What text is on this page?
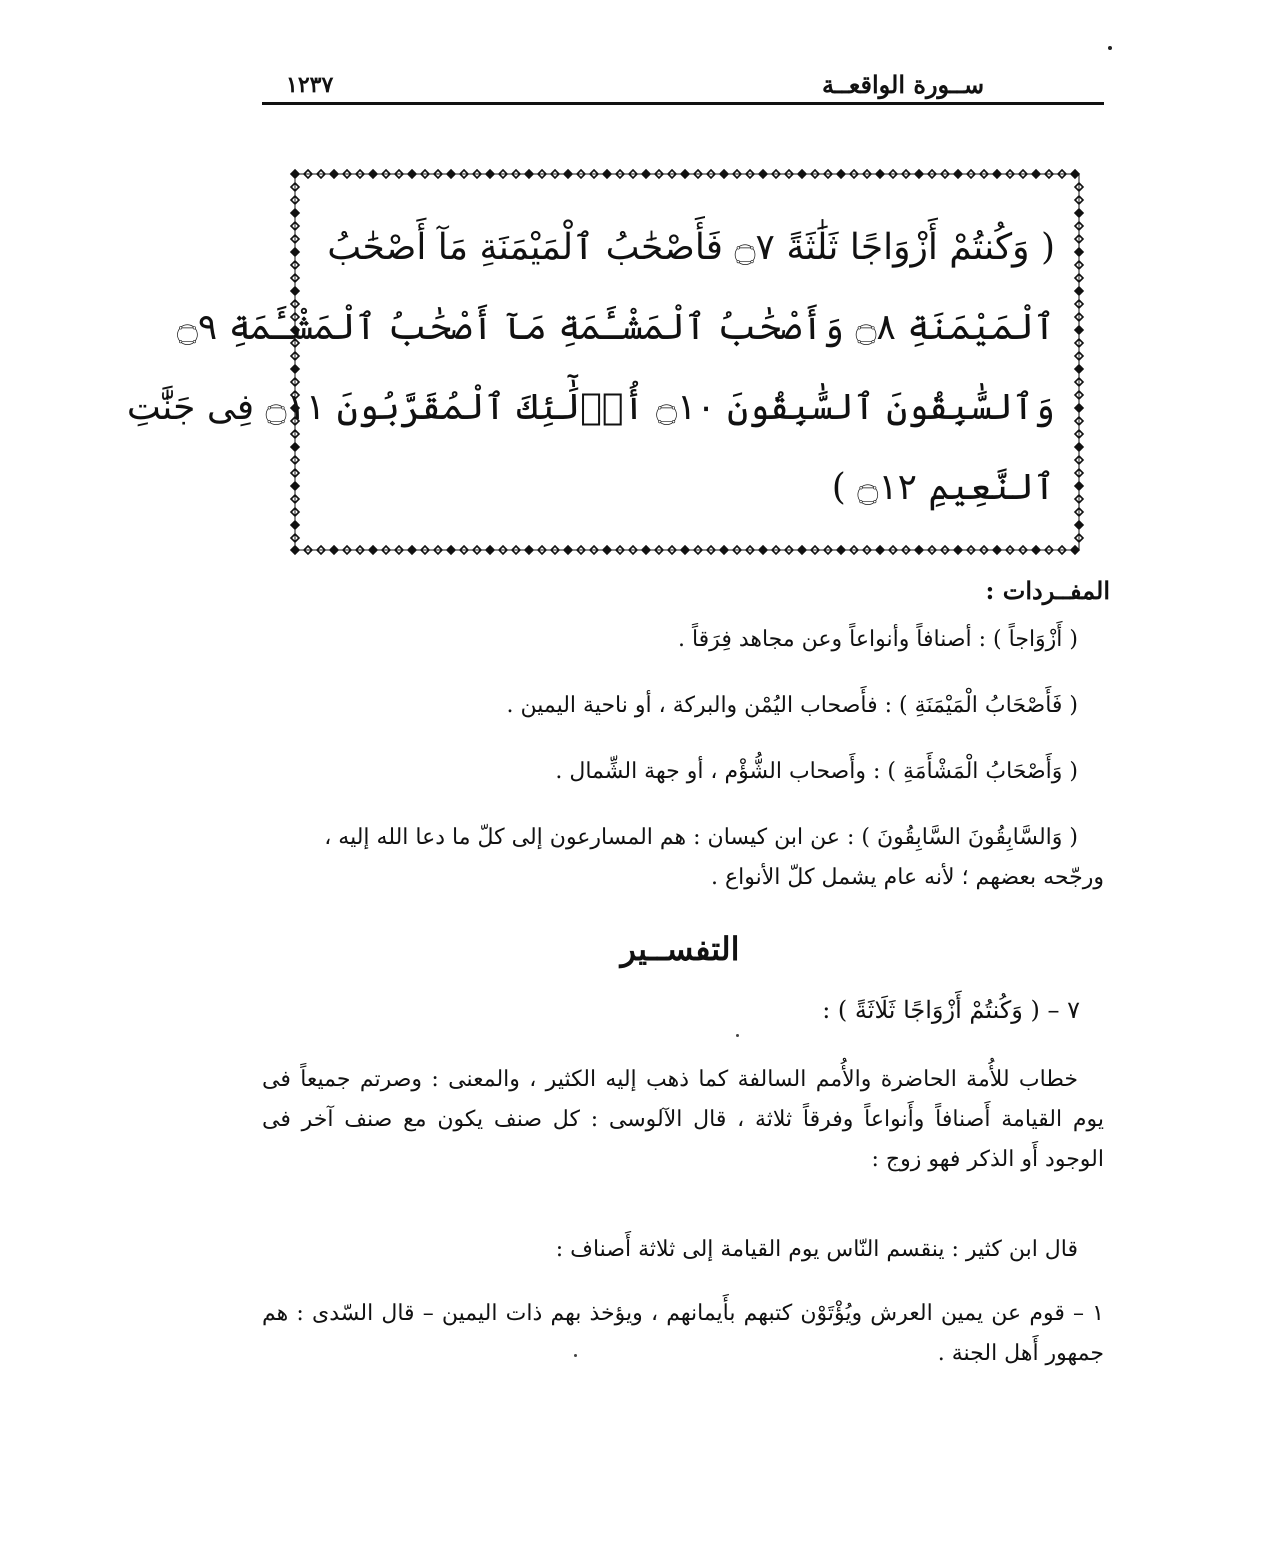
١٢٣٧	ســورة الواقعــة
( وَكُنتُمْ أَزْوَاجًا ثَلَٰثَةً ۝٧ فَأَصْحَٰبُ ٱلْمَيْمَنَةِ مَآ أَصْحَٰبُ
ٱلْمَيْمَنَةِ ۝٨ وَأَصْحَٰبُ ٱلْمَشْـَٔمَةِ مَآ أَصْحَٰبُ ٱلْمَشْـَٔمَةِ ۝٩
وَٱلسَّٰبِقُونَ ٱلسَّٰبِقُونَ ۝١٠ أُو۟لَٰٓئِكَ ٱلْمُقَرَّبُونَ ۝١١ فِى جَنَّٰتِ
ٱلنَّعِيمِ ۝١٢ )
المفــردات :

( أَزْوَاجاً ) : أصنافاً وأنواعاً وعن مجاهد فِرَقاً .

( فَأَصْحَابُ الْمَيْمَنَةِ ) : فأَصحاب اليُمْن والبركة ، أو ناحية اليمين .

( وَأَصْحَابُ الْمَشْأَمَةِ ) : وأَصحاب الشُّؤْم ، أو جهة الشِّمال .

( وَالسَّابِقُونَ السَّابِقُونَ ) : عن ابن كيسان : هم المسارعون إلى كلّ ما دعا الله إليه ،

ورجّحه بعضهم ؛ لأنه عام يشمل كلّ الأنواع .

التفســير
٧ – ( وَكُنتُمْ أَزْوَاجًا ثَلَاثَةً ) :
خطاب للأُمة الحاضرة والأُمم السالفة كما ذهب إليه الكثير ، والمعنى : وصرتم جميعاً فى يوم القيامة أَصنافاً وأَنواعاً وفرقاً ثلاثة ، قال الآلوسى : كل صنف يكون مع صنف آخر فى الوجود أَو الذكر فهو زوج :
قال ابن كثير : ينقسم النّاس يوم القيامة إلى ثلاثة أَصناف :
١ – قوم عن يمين العرش ويُؤْتَوْن كتبهم بأَيمانهم ، ويؤخذ بهم ذات اليمين – قال السّدى : هم جمهور أَهل الجنة .
